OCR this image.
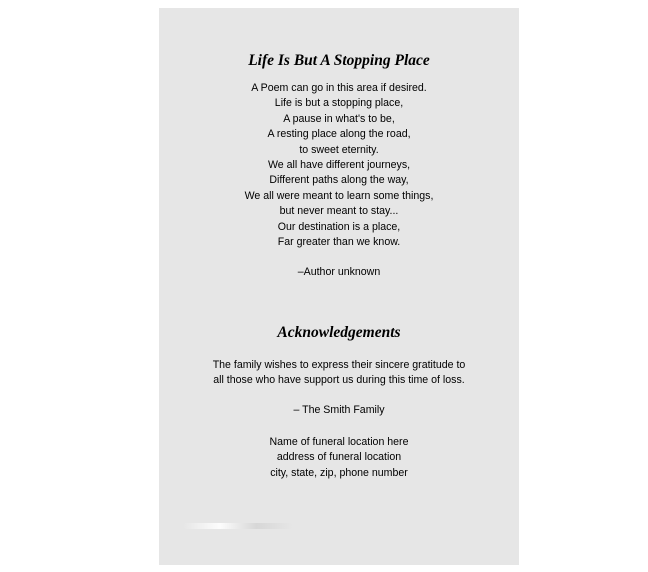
Life Is But A Stopping Place
A Poem can go in this area if desired.
Life is but a stopping place,
A pause in what's to be,
A resting place along the road,
to sweet eternity.
We all have different journeys,
Different paths along the way,
We all were meant to learn some things,
but never meant to stay...
Our destination is a place,
Far greater than we know.
–Author unknown
Acknowledgements
The family wishes to express their sincere gratitude to
all those who have support us during this time of loss.
– The Smith Family
Name of funeral location here
address of funeral location
city, state, zip, phone number
